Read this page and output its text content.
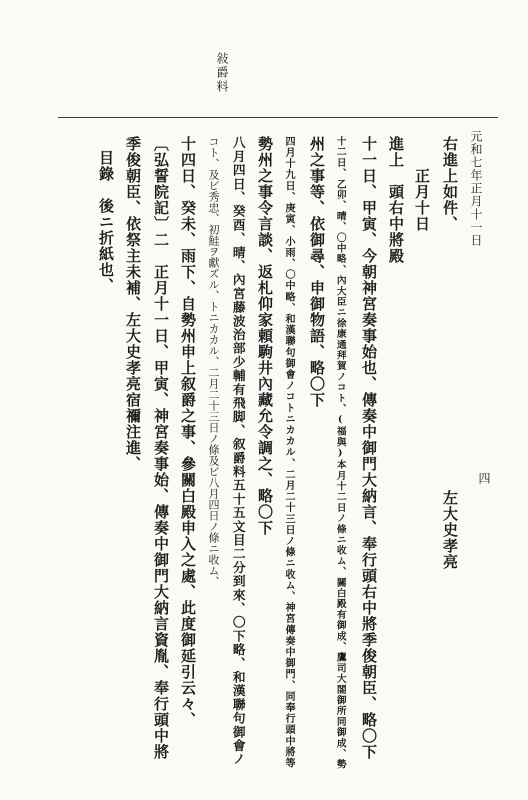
敍爵料
四
元和七年正月十一日
右進上如件、
左大史孝亮
正月十日
進上　頭右中將殿
十一日、甲寅、今朝神宮奏事始也、傳奏中御門大納言、奉行頭右中將季俊朝臣、略〇下
十二日、乙卯、晴、〇中略、內大臣ニ徐康通拜賀ノコト、(福與)本月十二日ノ條ニ收ム、關白殿有御成、鷹司大閤御所同御成、勢
州之事等、依御尋、申御物語、略〇下
四月十九日、庚寅、小雨、〇中略、和漢聯句御會ノコトニカカル、二月二十三日ノ條ニ收ム、神宮傳奏中御門、同奉行頭中將等
勢州之事令言談、返札仰家頼駒井內藏允令調之、略〇下
八月四日、癸酉、晴、內宮藤波治部少輔有飛脚、叙爵料五十五文目二分到來、〇下略、和漢聯句御會ノ
コト、及ビ秀忠、初鮭ヲ獻ズル、トニカカル、二月二十三日ノ條及ビ八月四日ノ條ニ收ム、
十四日、癸未、雨下、自勢州申上叙爵之事、參關白殿申入之處、此度御延引云々、
〔弘誓院記〕二　正月十一日、甲寅、神宮奏事始、傳奏中御門大納言資胤、奉行頭中將
季俊朝臣、依祭主未補、左大史孝亮宿禰注進、
目錄　後ニ折紙也、
